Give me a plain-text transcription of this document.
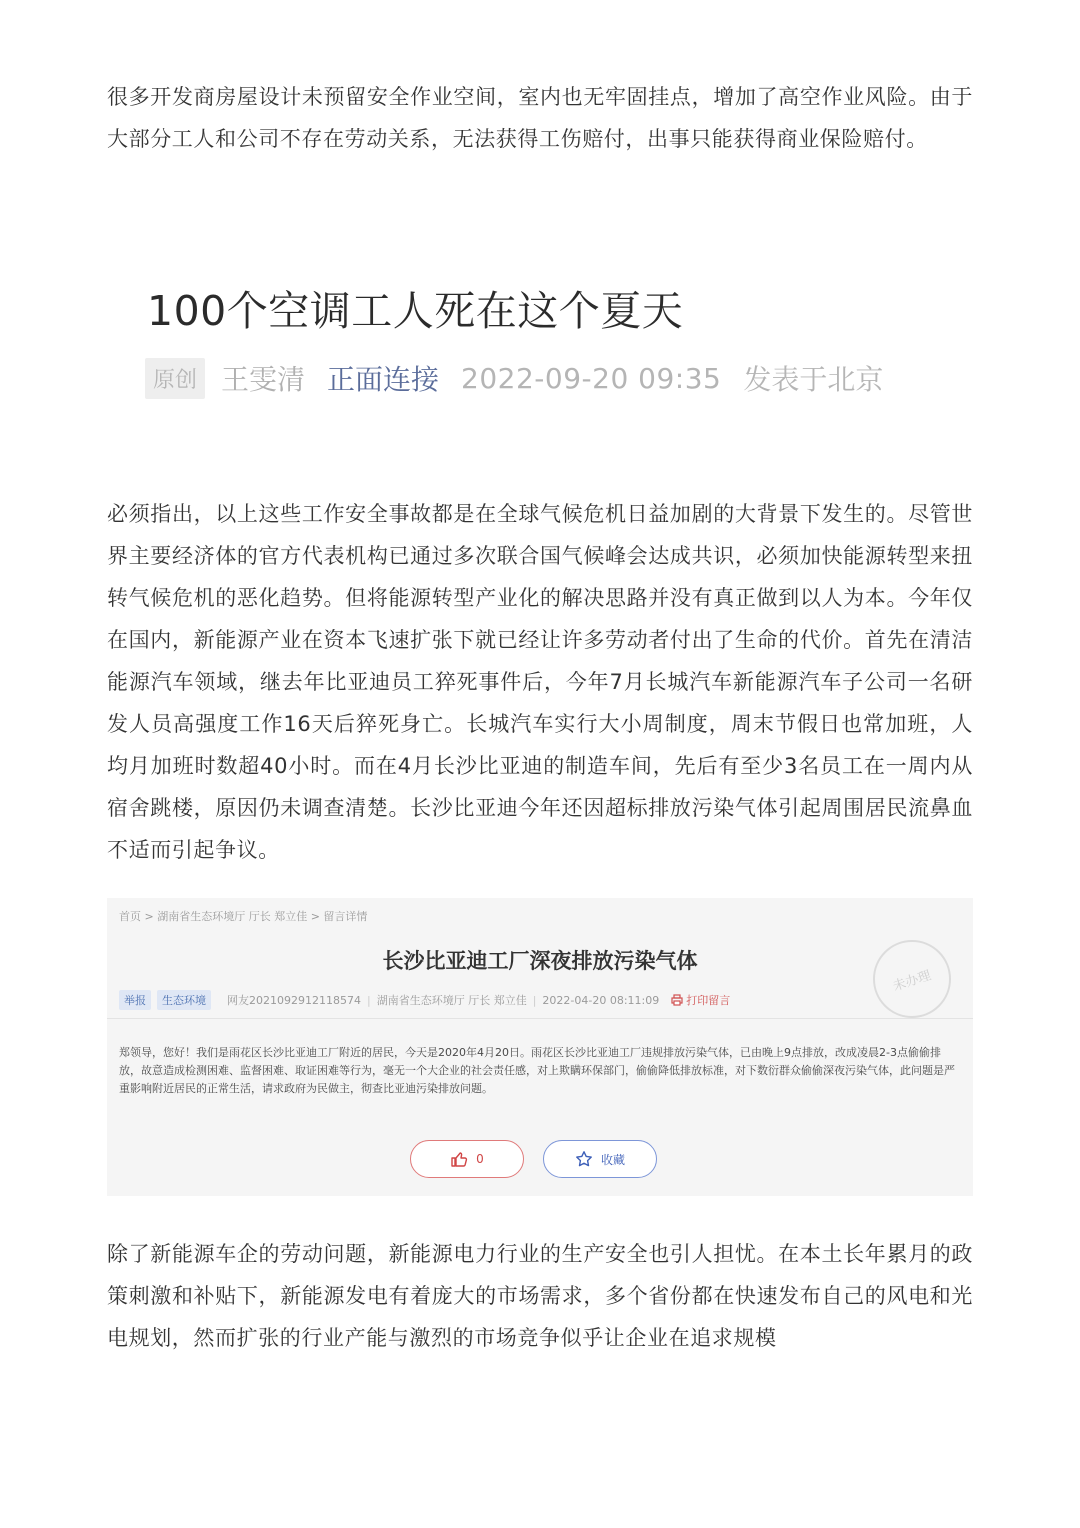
很多开发商房屋设计未预留安全作业空间，室内也无牢固挂点，增加了高空作业风险。由于大部分工人和公司不存在劳动关系，无法获得工伤赔付，出事只能获得商业保险赔付。

100个空调工人死在这个夏天
原创 王雯清 正面连接 2022-09-20 09:35 发表于北京

必须指出，以上这些工作安全事故都是在全球气候危机日益加剧的大背景下发生的。尽管世界主要经济体的官方代表机构已通过多次联合国气候峰会达成共识，必须加快能源转型来扭转气候危机的恶化趋势。但将能源转型产业化的解决思路并没有真正做到以人为本。今年仅在国内，新能源产业在资本飞速扩张下就已经让许多劳动者付出了生命的代价。首先在清洁能源汽车领域，继去年比亚迪员工猝死事件后，今年7月长城汽车新能源汽车子公司一名研发人员高强度工作16天后猝死身亡。长城汽车实行大小周制度，周末节假日也常加班，人均月加班时数超40小时。而在4月长沙比亚迪的制造车间，先后有至少3名员工在一周内从宿舍跳楼，原因仍未调查清楚。长沙比亚迪今年还因超标排放污染气体引起周围居民流鼻血不适而引起争议。

首页 > 湖南省生态环境厅 厅长 郑立佳 > 留言详情
长沙比亚迪工厂深夜排放污染气体
举报	生态环境	网友2021092912118574 | 湖南省生态环境厅 厅长 郑立佳 | 2022-04-20 08:11:09 打印留言
未办理

郑领导，您好！我们是雨花区长沙比亚迪工厂附近的居民，今天是2020年4月20日。雨花区长沙比亚迪工厂违规排放污染气体，已由晚上9点排放，改成凌晨2-3点偷偷排放，故意造成检测困难、监督困难、取证困难等行为，毫无一个大企业的社会责任感，对上欺瞒环保部门，偷偷降低排放标准，对下数衍群众偷偷深夜污染气体，此问题是严重影响附近居民的正常生活，请求政府为民做主，彻查比亚迪污染排放问题。

0	收藏

除了新能源车企的劳动问题，新能源电力行业的生产安全也引人担忧。在本土长年累月的政策刺激和补贴下，新能源发电有着庞大的市场需求，多个省份都在快速发布自己的风电和光电规划，然而扩张的行业产能与激烈的市场竞争似乎让企业在追求规模
